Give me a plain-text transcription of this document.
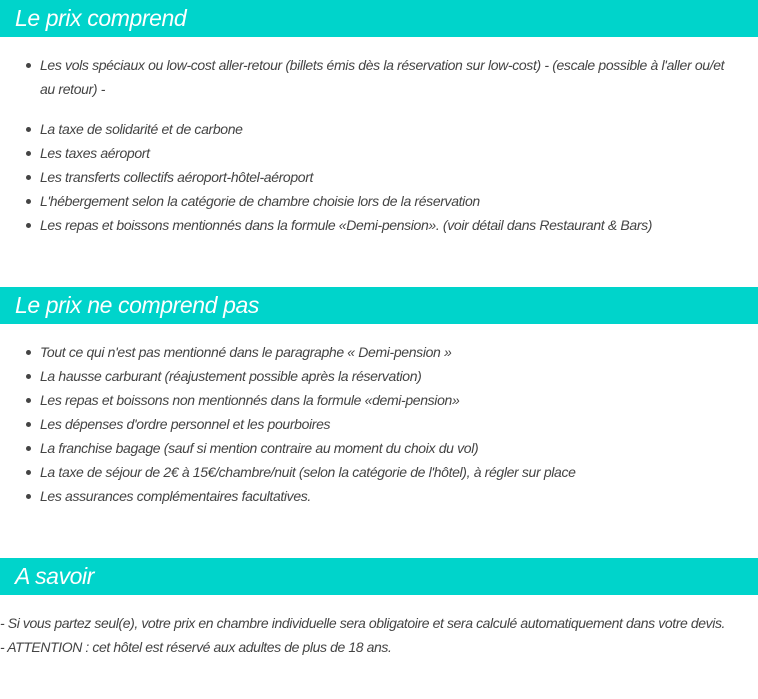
Le prix comprend
Les vols spéciaux ou low-cost aller-retour (billets émis dès la réservation sur low-cost) - (escale possible à l'aller ou/et au retour) -
La taxe de solidarité et de carbone
Les taxes aéroport
Les transferts collectifs aéroport-hôtel-aéroport
L'hébergement selon la catégorie de chambre choisie lors de la réservation
Les repas et boissons mentionnés dans la formule «Demi-pension». (voir détail dans Restaurant & Bars)
Le prix ne comprend pas
Tout ce qui n'est pas mentionné dans le paragraphe « Demi-pension »
La hausse carburant (réajustement possible après la réservation)
Les repas et boissons non mentionnés dans la formule «demi-pension»
Les dépenses d'ordre personnel et les pourboires
La franchise bagage (sauf si mention contraire au moment du choix du vol)
La taxe de séjour de 2€ à 15€/chambre/nuit (selon la catégorie de l'hôtel), à régler sur place
Les assurances complémentaires facultatives.
A savoir
- Si vous partez seul(e), votre prix en chambre individuelle sera obligatoire et sera calculé automatiquement dans votre devis.
- ATTENTION : cet hôtel est réservé aux adultes de plus de 18 ans.
